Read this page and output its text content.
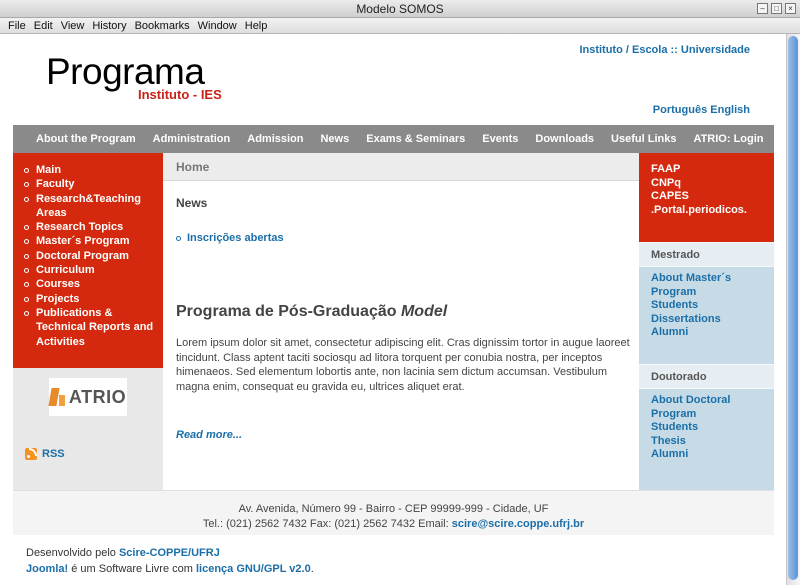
Modelo SOMOS	–	□	×
File Edit View History Bookmarks Window Help
Programa
Instituto - IES
Instituto / Escola :: Universidade
Português English
About the Program	Administration	Admission	News	Exams & Seminars	Events	Downloads	Useful Links	ATRIO: Login
Main
Faculty
Research&Teaching Areas
Research Topics
Master´s Program
Doctoral Program
Curriculum
Courses
Projects
Publications & Technical Reports and Activities
ATRIO
RSS
Home
News
Inscrições abertas
Programa de Pós-Graduação Model
Lorem ipsum dolor sit amet, consectetur adipiscing elit. Cras dignissim tortor in augue laoreet tincidunt. Class aptent taciti sociosqu ad litora torquent per conubia nostra, per inceptos himenaeos. Sed elementum lobortis ante, non lacinia sem dictum accumsan. Vestibulum magna enim, consequat eu gravida eu, ultrices aliquet erat.
Read more...
FAAP
CNPq
CAPES
.Portal.periodicos.
Mestrado
About Master´s Program
Students
Dissertations
Alumni
Doutorado
About Doctoral Program
Students
Thesis
Alumni
Av. Avenida, Número 99 - Bairro - CEP 99999-999 - Cidade, UF
Tel.: (021) 2562 7432 Fax: (021) 2562 7432 Email: scire@scire.coppe.ufrj.br
Desenvolvido pelo Scire-COPPE/UFRJ
Joomla! é um Software Livre com licença GNU/GPL v2.0.
